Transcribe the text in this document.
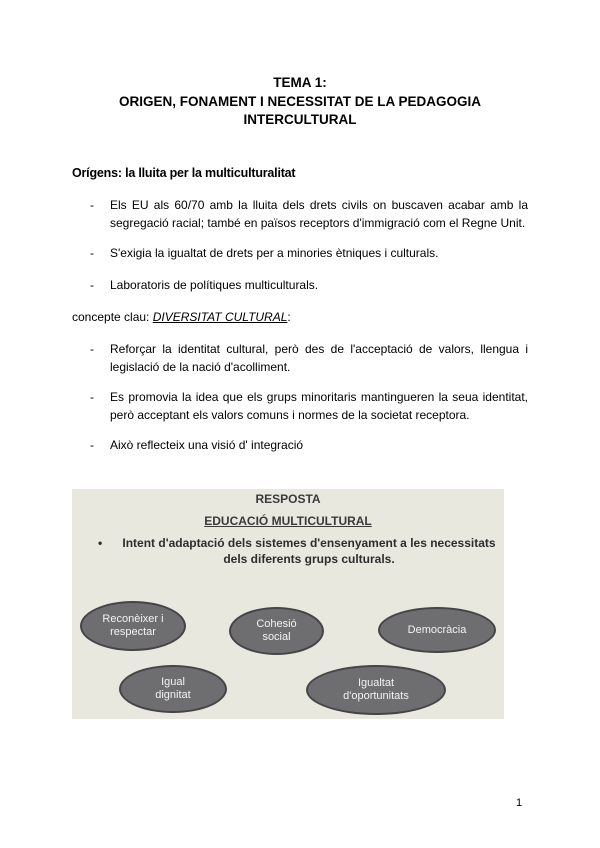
TEMA 1:
ORIGEN, FONAMENT I NECESSITAT DE LA PEDAGOGIA
INTERCULTURAL
Orígens: la lluita per la multiculturalitat
- Els EU als 60/70 amb la lluita dels drets civils on buscaven acabar amb la segregació racial; també en països receptors d'immigració com el Regne Unit.
- S'exigia la igualtat de drets per a minories ètniques i culturals.
- Laboratoris de polítiques multiculturals.
concepte clau: DIVERSITAT CULTURAL:
- Reforçar la identitat cultural, però des de l'acceptació de valors, llengua i legislació de la nació d'acolliment.
- Es promovia la idea que els grups minoritaris mantingueren la seua identitat, però acceptant els valors comuns i normes de la societat receptora.
- Això reflecteix una visió d' integració
RESPOSTA
EDUCACIÓ MULTICULTURAL
• Intent d'adaptació dels sistemes d'ensenyament a les necessitats dels diferents grups culturals.
Reconèixer i respectar
Cohesió social
Democràcia
Igual dignitat
Igualtat d'oportunitats
1
